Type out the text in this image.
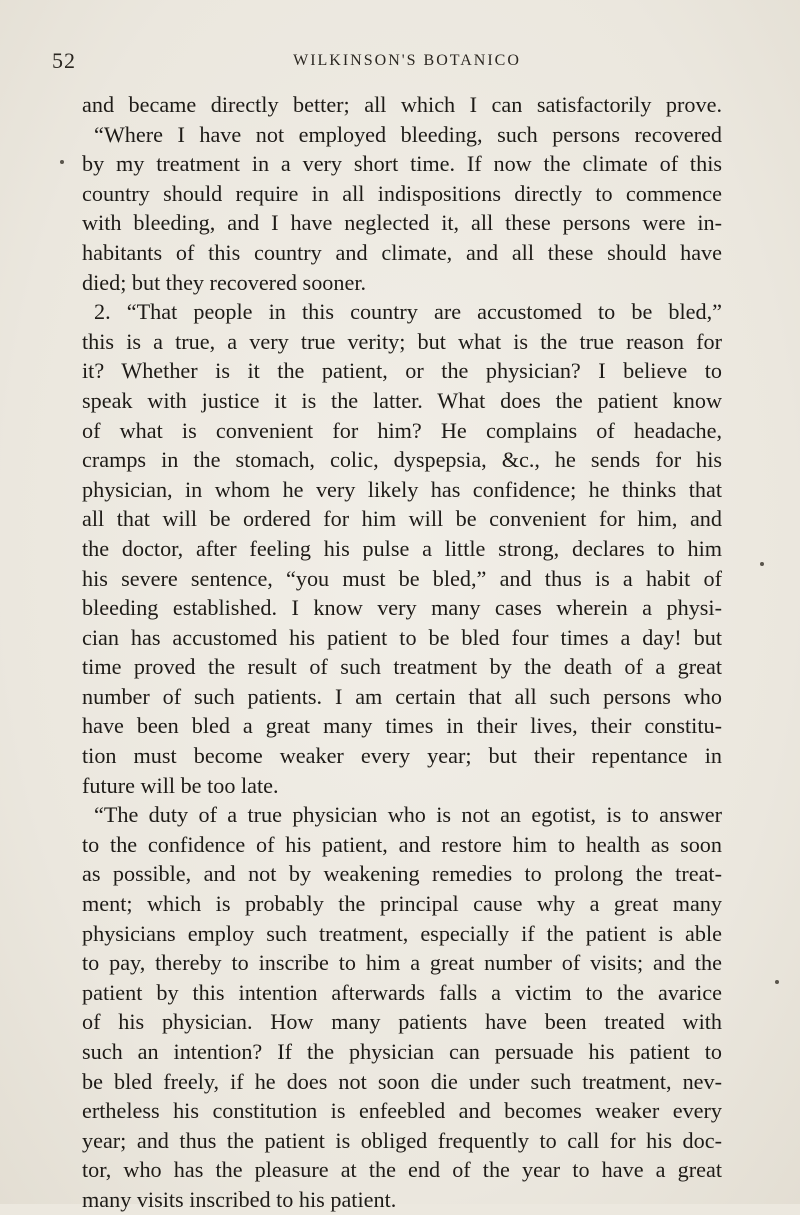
52	WILKINSON'S BOTANICO
and became directly better; all which I can satisfactorily prove.
“Where I have not employed bleeding, such persons recovered
by my treatment in a very short time. If now the climate of this
country should require in all indispositions directly to commence
with bleeding, and I have neglected it, all these persons were in-
habitants of this country and climate, and all these should have
died; but they recovered sooner.
2. “That people in this country are accustomed to be bled,”
this is a true, a very true verity; but what is the true reason for
it? Whether is it the patient, or the physician? I believe to
speak with justice it is the latter. What does the patient know
of what is convenient for him? He complains of headache,
cramps in the stomach, colic, dyspepsia, &c., he sends for his
physician, in whom he very likely has confidence; he thinks that
all that will be ordered for him will be convenient for him, and
the doctor, after feeling his pulse a little strong, declares to him
his severe sentence, “you must be bled,” and thus is a habit of
bleeding established. I know very many cases wherein a physi-
cian has accustomed his patient to be bled four times a day! but
time proved the result of such treatment by the death of a great
number of such patients. I am certain that all such persons who
have been bled a great many times in their lives, their constitu-
tion must become weaker every year; but their repentance in
future will be too late.
“The duty of a true physician who is not an egotist, is to answer
to the confidence of his patient, and restore him to health as soon
as possible, and not by weakening remedies to prolong the treat-
ment; which is probably the principal cause why a great many
physicians employ such treatment, especially if the patient is able
to pay, thereby to inscribe to him a great number of visits; and the
patient by this intention afterwards falls a victim to the avarice
of his physician. How many patients have been treated with
such an intention? If the physician can persuade his patient to
be bled freely, if he does not soon die under such treatment, nev-
ertheless his constitution is enfeebled and becomes weaker every
year; and thus the patient is obliged frequently to call for his doc-
tor, who has the pleasure at the end of the year to have a great
many visits inscribed to his patient.
